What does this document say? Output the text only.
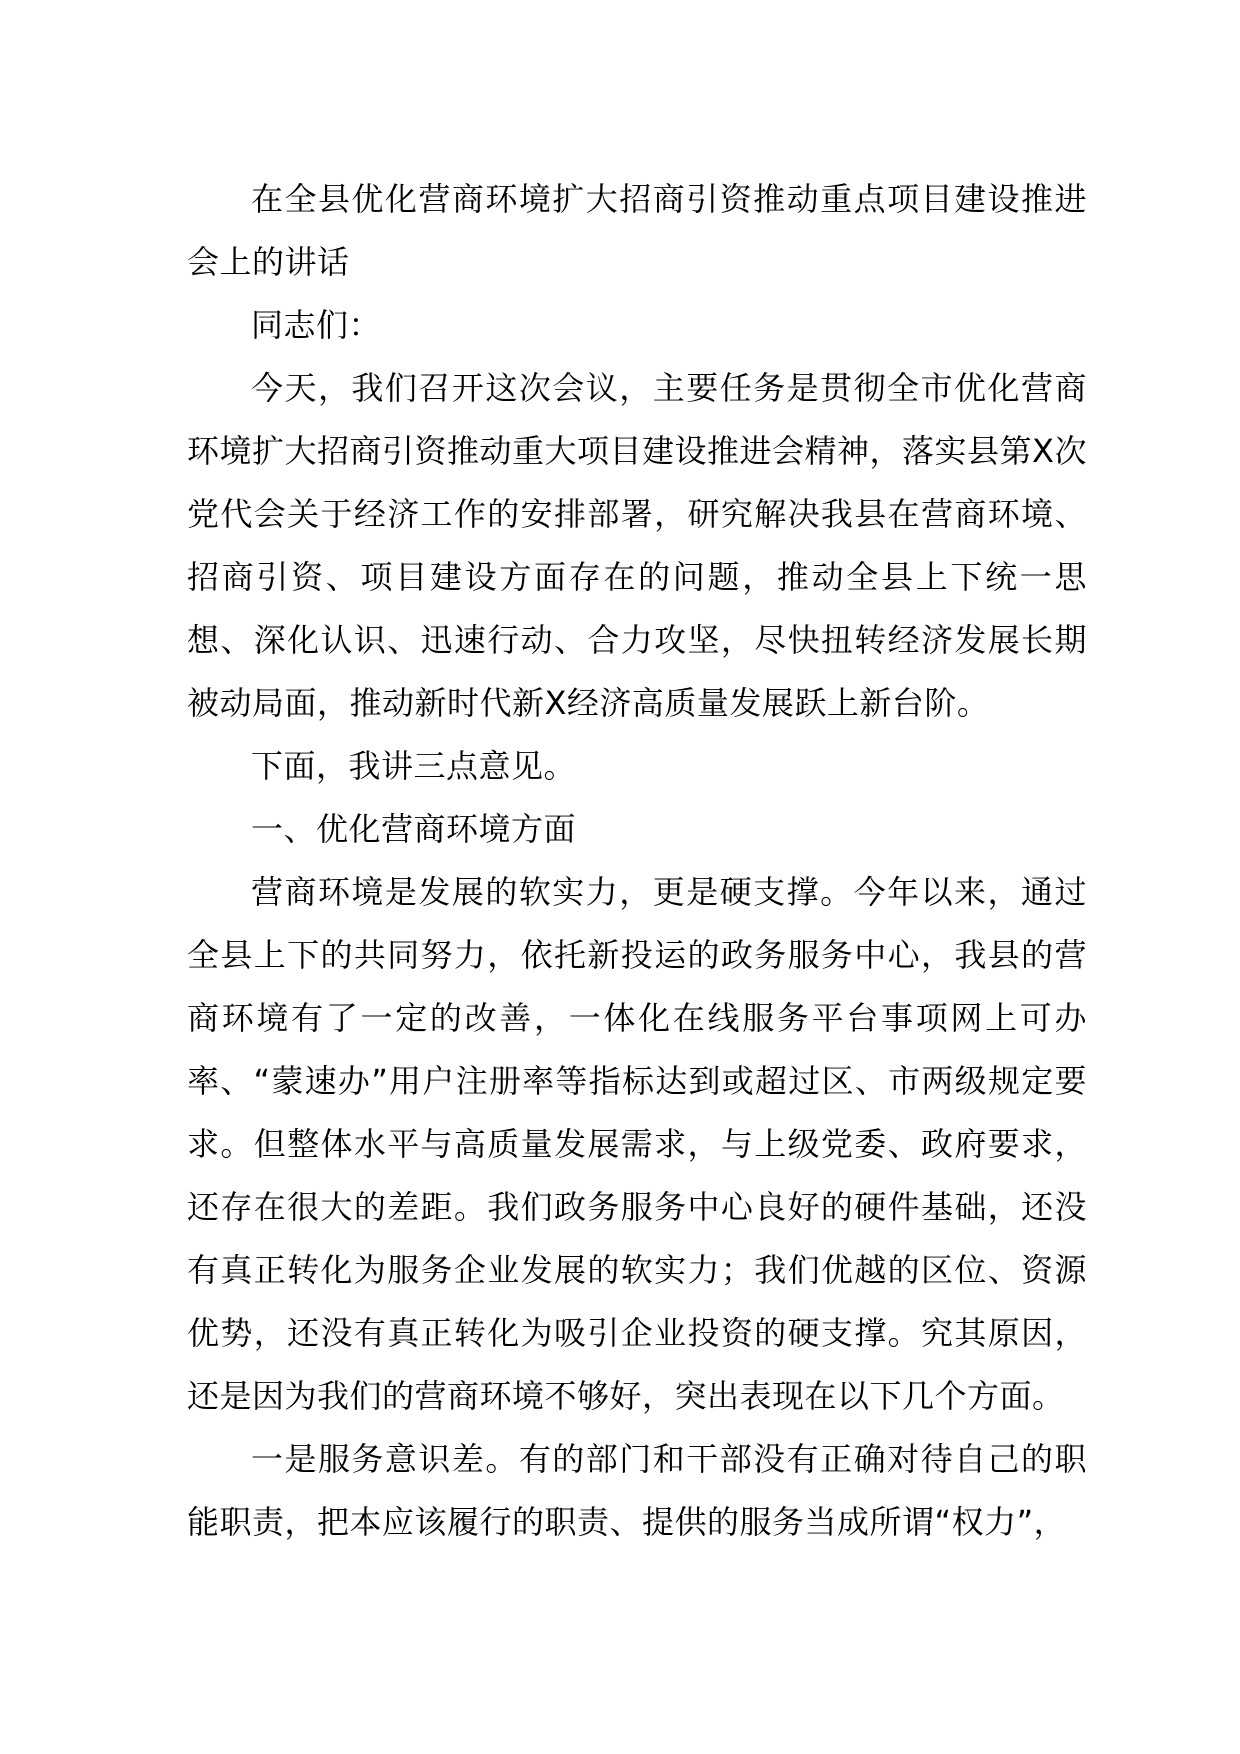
在全县优化营商环境扩大招商引资推动重点项目建设推进会上的讲话

同志们：

今天，我们召开这次会议，主要任务是贯彻全市优化营商环境扩大招商引资推动重大项目建设推进会精神，落实县第X次党代会关于经济工作的安排部署，研究解决我县在营商环境、招商引资、项目建设方面存在的问题，推动全县上下统一思想、深化认识、迅速行动、合力攻坚，尽快扭转经济发展长期被动局面，推动新时代新X经济高质量发展跃上新台阶。

下面，我讲三点意见。

一、优化营商环境方面

营商环境是发展的软实力，更是硬支撑。今年以来，通过全县上下的共同努力，依托新投运的政务服务中心，我县的营商环境有了一定的改善，一体化在线服务平台事项网上可办率、“蒙速办”用户注册率等指标达到或超过区、市两级规定要求。但整体水平与高质量发展需求，与上级党委、政府要求，还存在很大的差距。我们政务服务中心良好的硬件基础，还没有真正转化为服务企业发展的软实力；我们优越的区位、资源优势，还没有真正转化为吸引企业投资的硬支撑。究其原因，还是因为我们的营商环境不够好，突出表现在以下几个方面。

一是服务意识差。有的部门和干部没有正确对待自己的职能职责，把本应该履行的职责、提供的服务当成所谓“权力”，
